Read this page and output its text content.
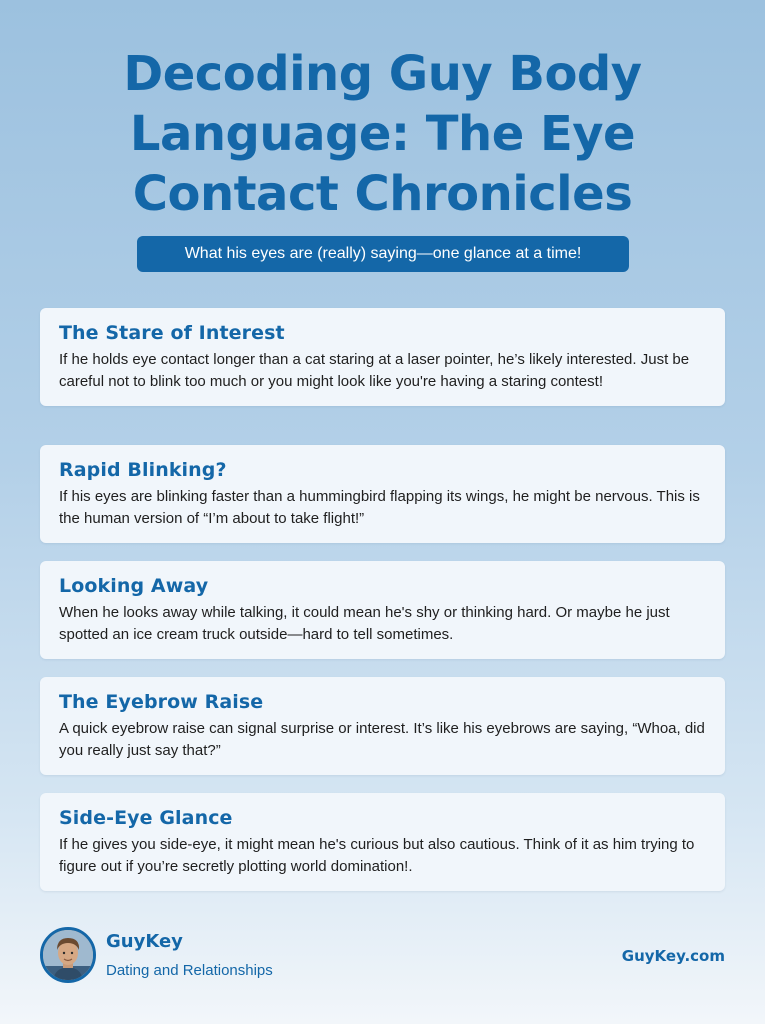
Decoding Guy Body
Language: The Eye
Contact Chronicles
What his eyes are (really) saying—one glance at a time!
The Stare of Interest
If he holds eye contact longer than a cat staring at a laser pointer, he’s likely interested. Just be careful not to blink too much or you might look like you're having a staring contest!
Rapid Blinking?
If his eyes are blinking faster than a hummingbird flapping its wings, he might be nervous. This is the human version of “I’m about to take flight!”
Looking Away
When he looks away while talking, it could mean he's shy or thinking hard. Or maybe he just spotted an ice cream truck outside—hard to tell sometimes.
The Eyebrow Raise
A quick eyebrow raise can signal surprise or interest. It’s like his eyebrows are saying, “Whoa, did you really just say that?”
Side-Eye Glance
If he gives you side-eye, it might mean he's curious but also cautious. Think of it as him trying to figure out if you’re secretly plotting world domination!.
GuyKey
Dating and Relationships
GuyKey.com
